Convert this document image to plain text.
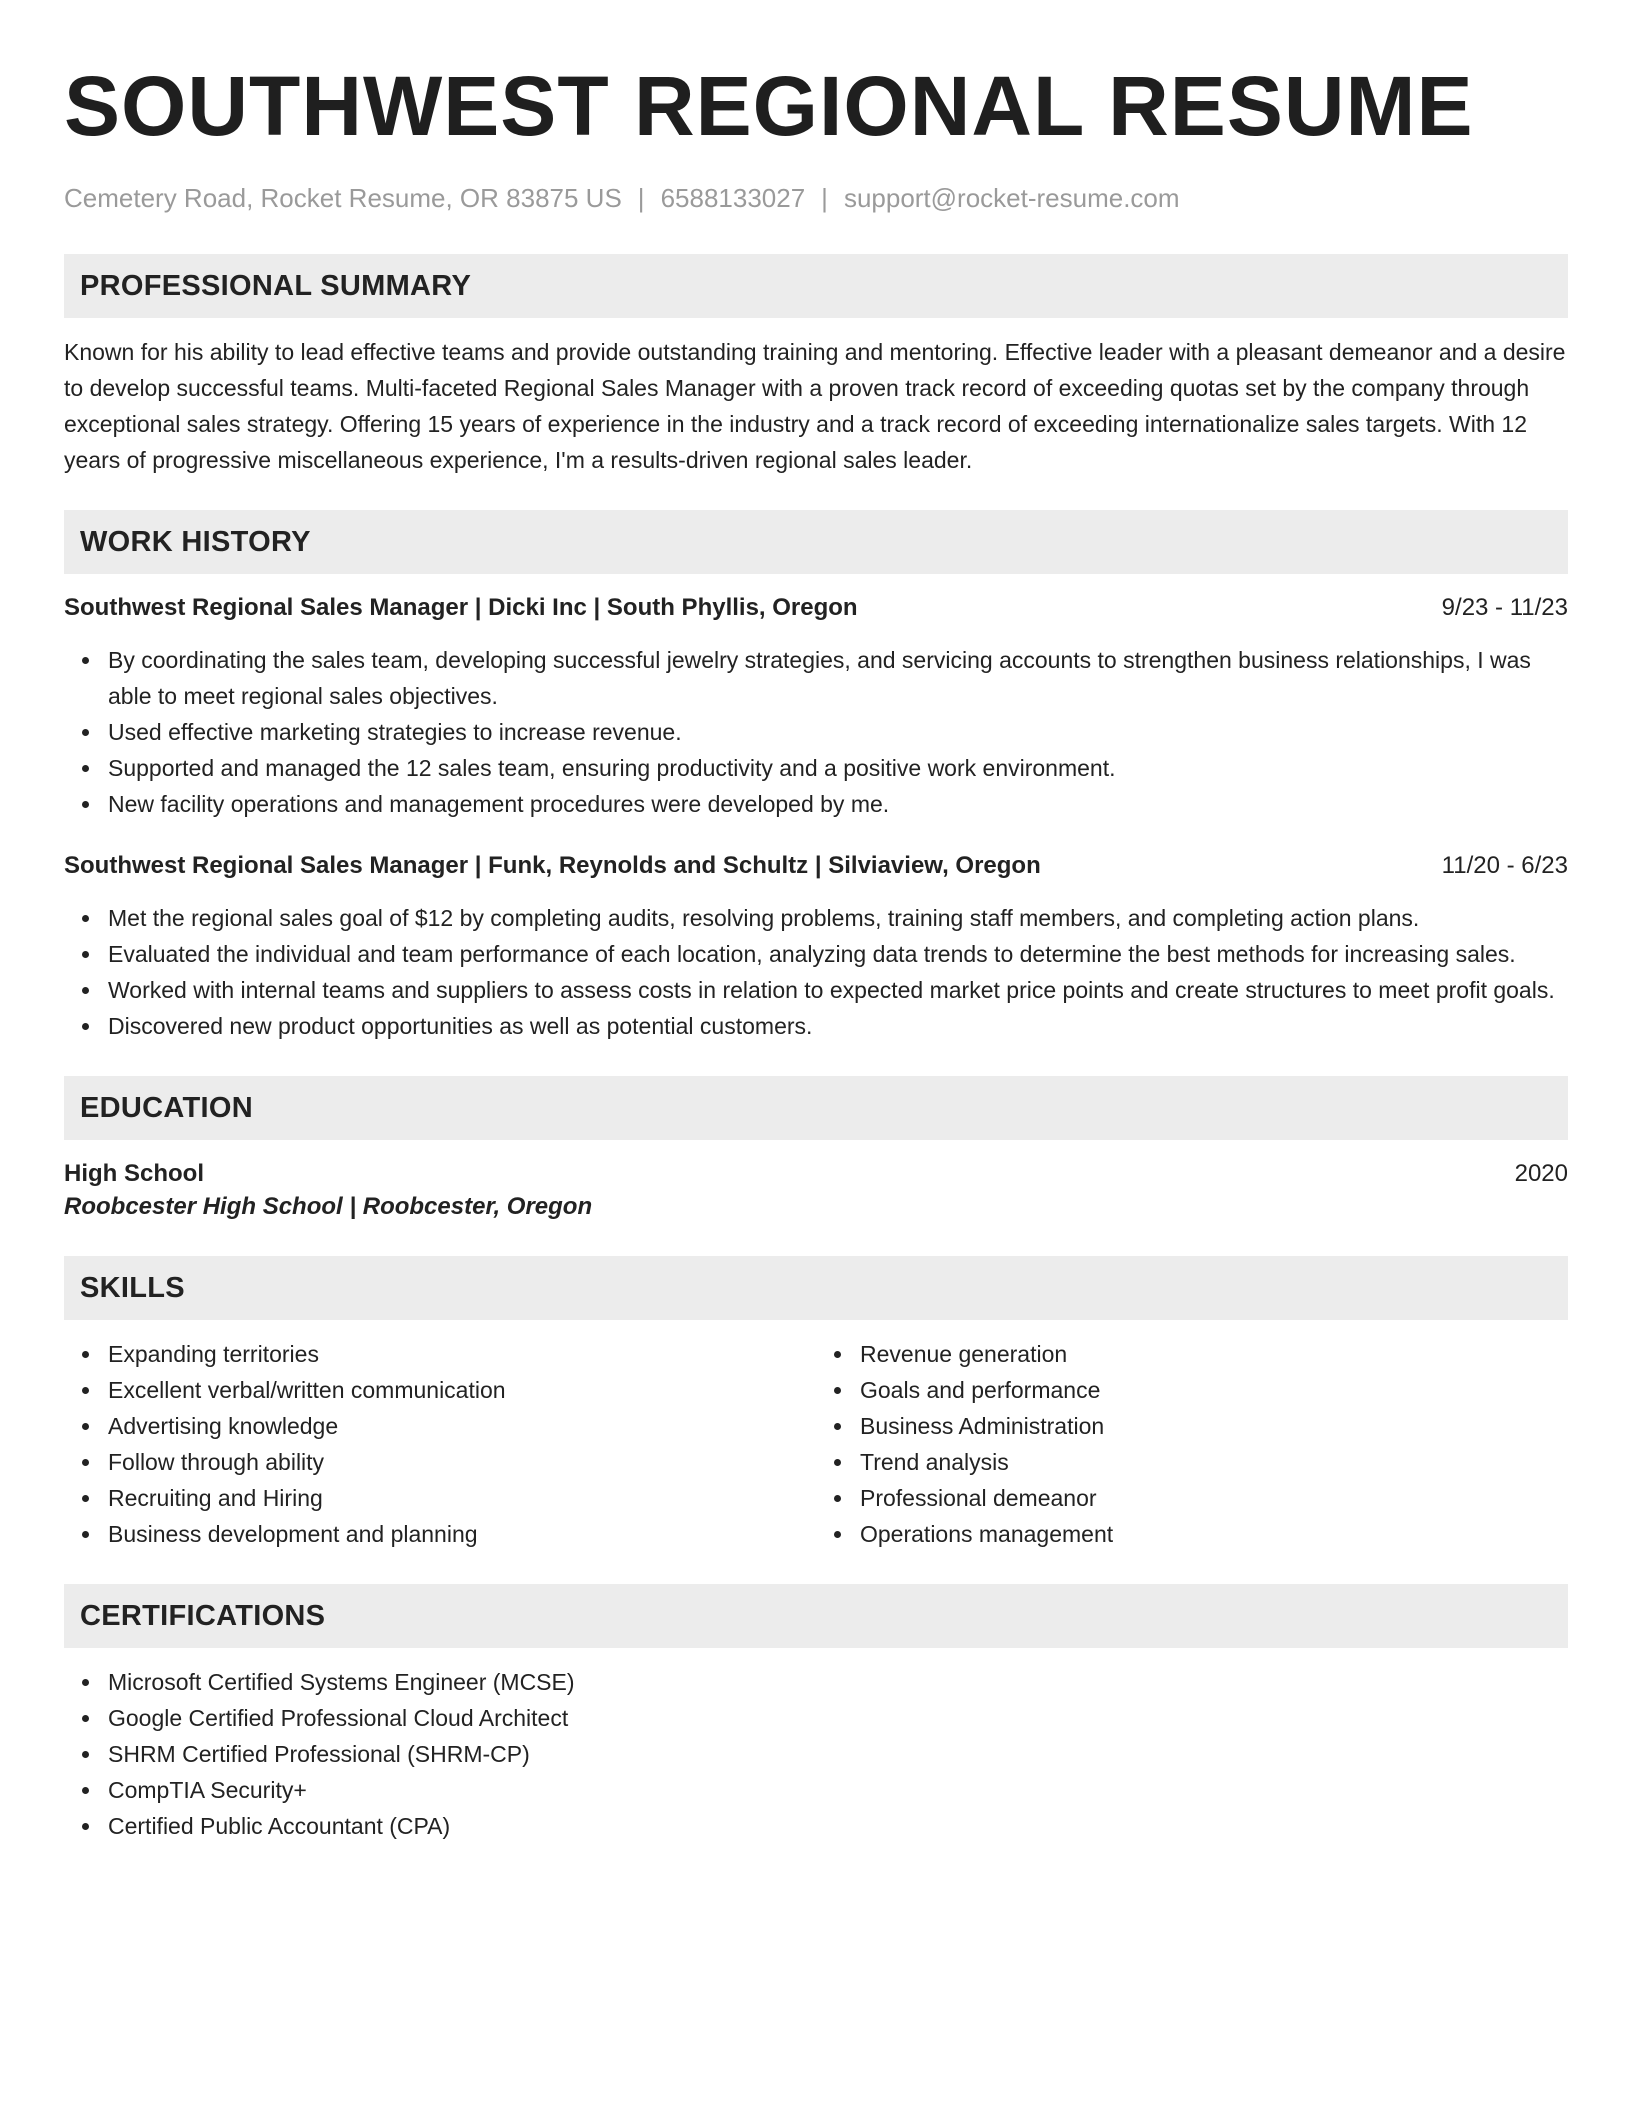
SOUTHWEST REGIONAL RESUME
Cemetery Road, Rocket Resume, OR 83875 US | 6588133027 | support@rocket-resume.com
PROFESSIONAL SUMMARY
Known for his ability to lead effective teams and provide outstanding training and mentoring. Effective leader with a pleasant demeanor and a desire to develop successful teams. Multi-faceted Regional Sales Manager with a proven track record of exceeding quotas set by the company through exceptional sales strategy. Offering 15 years of experience in the industry and a track record of exceeding internationalize sales targets. With 12 years of progressive miscellaneous experience, I'm a results-driven regional sales leader.
WORK HISTORY
Southwest Regional Sales Manager | Dicki Inc | South Phyllis, Oregon	9/23 - 11/23
By coordinating the sales team, developing successful jewelry strategies, and servicing accounts to strengthen business relationships, I was able to meet regional sales objectives.
Used effective marketing strategies to increase revenue.
Supported and managed the 12 sales team, ensuring productivity and a positive work environment.
New facility operations and management procedures were developed by me.
Southwest Regional Sales Manager | Funk, Reynolds and Schultz | Silviaview, Oregon	11/20 - 6/23
Met the regional sales goal of $12 by completing audits, resolving problems, training staff members, and completing action plans.
Evaluated the individual and team performance of each location, analyzing data trends to determine the best methods for increasing sales.
Worked with internal teams and suppliers to assess costs in relation to expected market price points and create structures to meet profit goals.
Discovered new product opportunities as well as potential customers.
EDUCATION
High School	2020
Roobcester High School | Roobcester, Oregon
SKILLS
Expanding territories
Excellent verbal/written communication
Advertising knowledge
Follow through ability
Recruiting and Hiring
Business development and planning
Revenue generation
Goals and performance
Business Administration
Trend analysis
Professional demeanor
Operations management
CERTIFICATIONS
Microsoft Certified Systems Engineer (MCSE)
Google Certified Professional Cloud Architect
SHRM Certified Professional (SHRM-CP)
CompTIA Security+
Certified Public Accountant (CPA)
